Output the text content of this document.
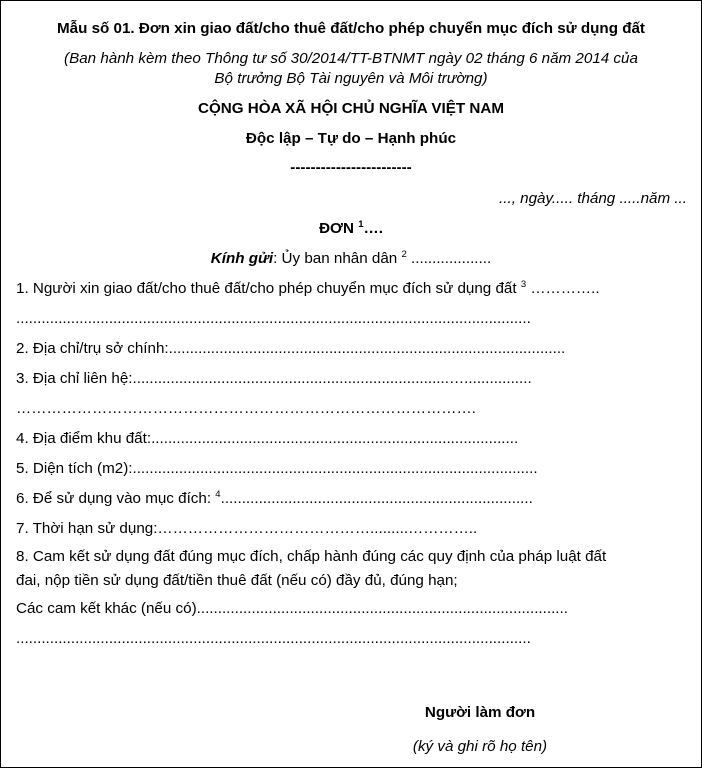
Mẫu số 01. Đơn xin giao đất/cho thuê đất/cho phép chuyển mục đích sử dụng đất
(Ban hành kèm theo Thông tư số 30/2014/TT-BTNMT ngày 02 tháng 6 năm 2014 của
Bộ trưởng Bộ Tài nguyên và Môi trường)
CỘNG HÒA XÃ HỘI CHỦ NGHĨA VIỆT NAM
Độc lập – Tự do – Hạnh phúc
------------------------
..., ngày..... tháng .....năm ...
ĐƠN $^1$….
Kính gửi: Ủy ban nhân dân $^2$ ...................
1. Người xin giao đất/cho thuê đất/cho phép chuyển mục đích sử dụng đất $^3$ …………..
..........................................................................................................................
2. Địa chỉ/trụ sở chính:..............................................................................................
3. Địa chỉ liên hệ:...........................................................................…................
……………………………………………………………………………….
4. Địa điểm khu đất:.......................................................................................
5. Diện tích (m2):................................................................................................
6. Để sử dụng vào mục đích: $^4$..........................................................................
7. Thời hạn sử dụng:…………………………………….........…………..
8. Cam kết sử dụng đất đúng mục đích, chấp hành đúng các quy định của pháp luật đất
đai, nộp tiền sử dụng đất/tiền thuê đất (nếu có) đầy đủ, đúng hạn;
Các cam kết khác (nếu có)........................................................................................
..........................................................................................................................
Người làm đơn
(ký và ghi rõ họ tên)
